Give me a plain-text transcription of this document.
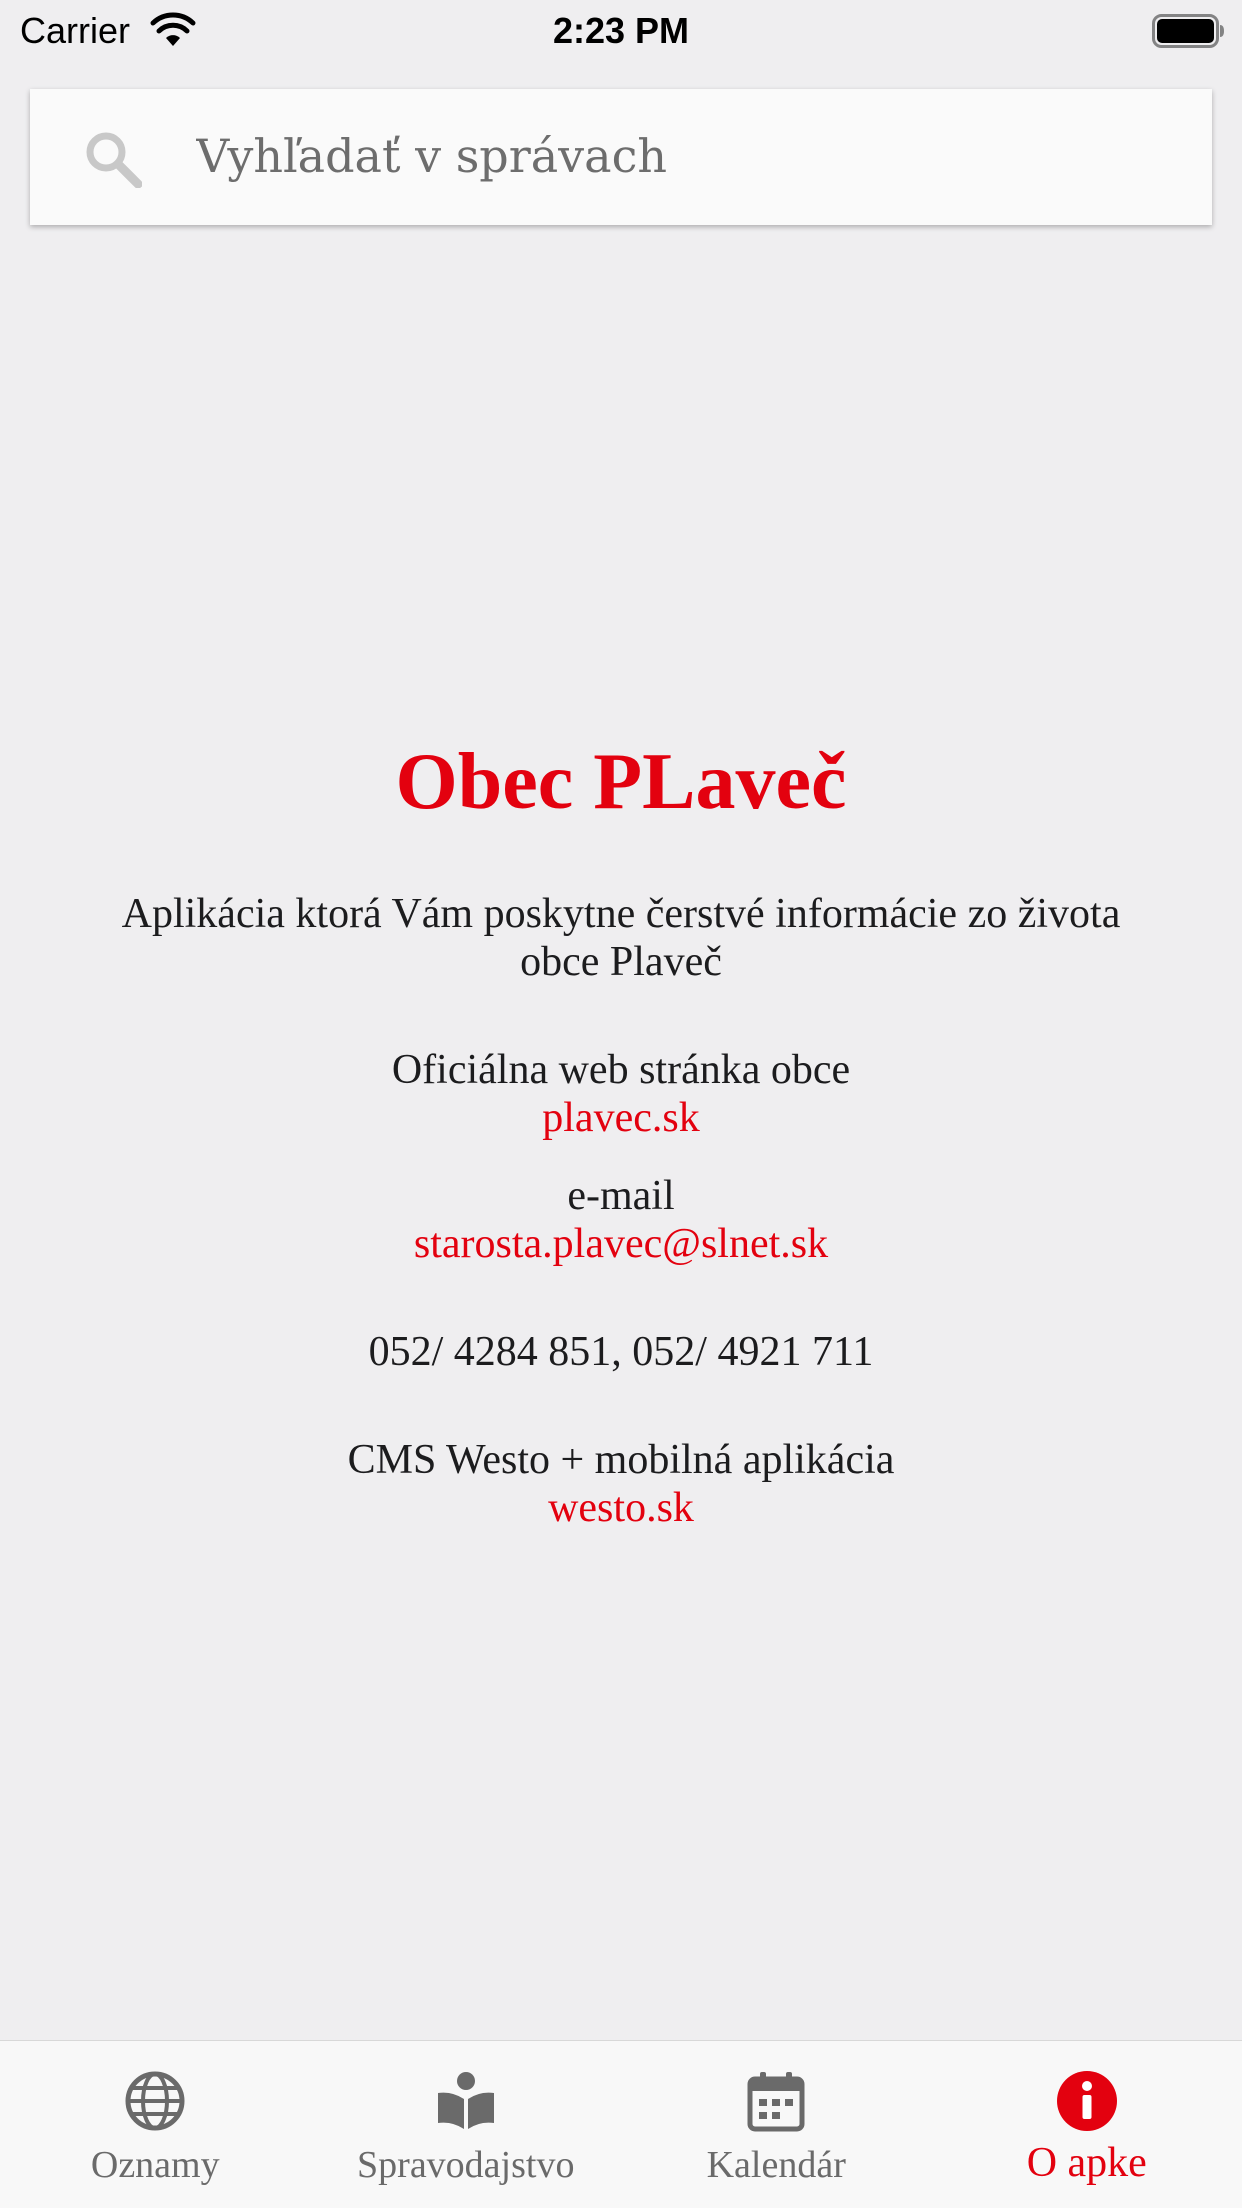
Carrier	2:23 PM
Vyhľadať v správach
Obec PLaveč
Aplikácia ktorá Vám poskytne čerstvé informácie zo života obce Plaveč
Oficiálna web stránka obce
plavec.sk
e-mail
starosta.plavec@slnet.sk
052/ 4284 851, 052/ 4921 711
CMS Westo + mobilná aplikácia
westo.sk
Oznamy	Spravodajstvo	Kalendár	O apke
